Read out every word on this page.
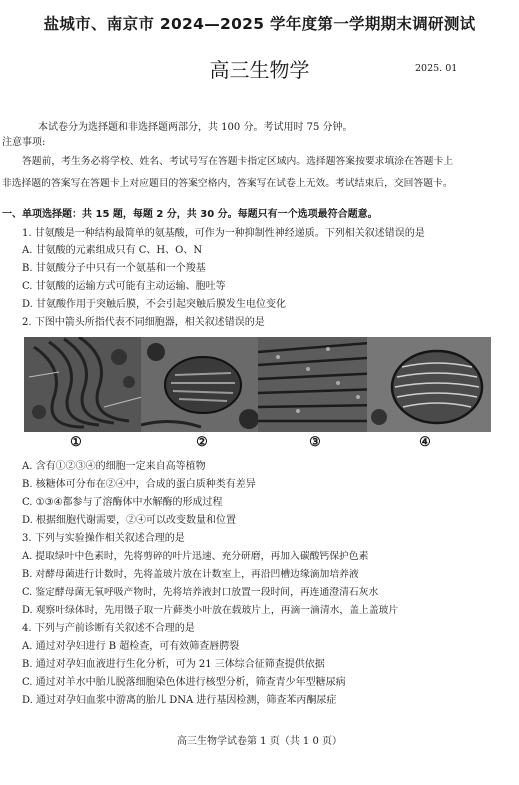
盐城市、南京市 2024—2025 学年度第一学期期末调研测试
高三生物学	2025. 01
本试卷分为选择题和非选择题两部分，共 100 分。考试用时 75 分钟。
注意事项:
答题前，考生务必将学校、姓名、考试号写在答题卡指定区域内。选择题答案按要求填涂在答题卡上
非选择题的答案写在答题卡上对应题目的答案空格内，答案写在试卷上无效。考试结束后，交回答题卡。
一、单项选择题：共 15 题，每题 2 分，共 30 分。每题只有一个选项最符合题意。
1. 甘氨酸是一种结构最简单的氨基酸，可作为一种抑制性神经递质。下列相关叙述错误的是
A. 甘氨酸的元素组成只有 C、H、O、N
B. 甘氨酸分子中只有一个氨基和一个羧基
C. 甘氨酸的运输方式可能有主动运输、胞吐等
D. 甘氨酸作用于突触后膜，不会引起突触后膜发生电位变化
2. 下图中箭头所指代表不同细胞器，相关叙述错误的是
①	②	③	④
A. 含有①②③④的细胞一定来自高等植物
B. 核糖体可分布在②④中，合成的蛋白质种类有差异
C. ①③④都参与了溶酶体中水解酶的形成过程
D. 根据细胞代谢需要，②④可以改变数量和位置
3. 下列与实验操作相关叙述合理的是
A. 提取绿叶中色素时，先将剪碎的叶片迅速、充分研磨，再加入碳酸钙保护色素
B. 对酵母菌进行计数时，先将盖玻片放在计数室上，再沿凹槽边缘滴加培养液
C. 鉴定酵母菌无氧呼吸产物时，先将培养液封口放置一段时间，再连通澄清石灰水
D. 观察叶绿体时，先用镊子取一片藓类小叶放在载玻片上，再滴一滴清水，盖上盖玻片
4. 下列与产前诊断有关叙述不合理的是
A. 通过对孕妇进行 B 超检查，可有效筛查唇腭裂
B. 通过对孕妇血液进行生化分析，可为 21 三体综合征筛查提供依据
C. 通过对羊水中胎儿脱落细胞染色体进行核型分析，筛查青少年型糖尿病
D. 通过对孕妇血浆中游离的胎儿 DNA 进行基因检测，筛查苯丙酮尿症
高三生物学试卷第 1 页（共 1 0 页）
